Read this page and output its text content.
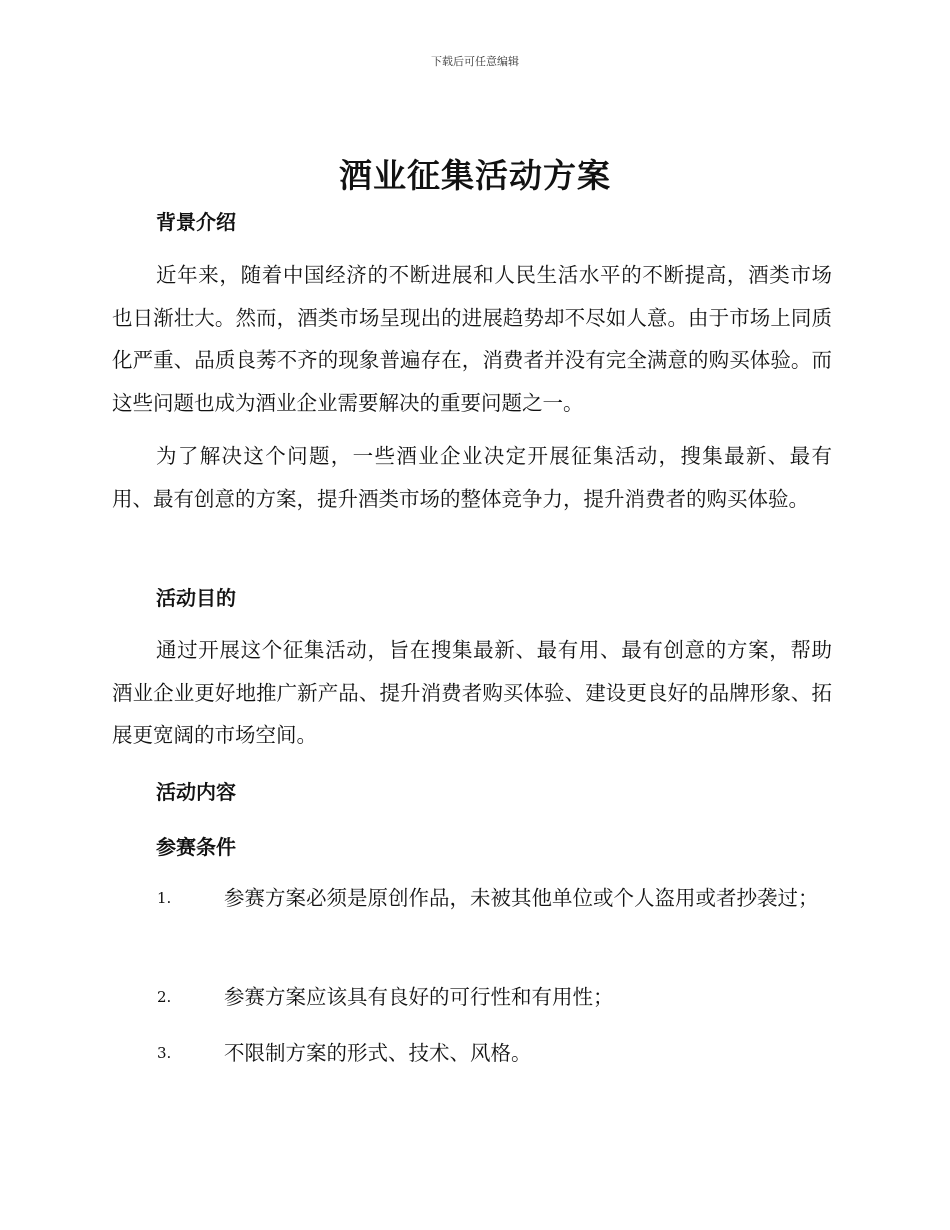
下载后可任意编辑
酒业征集活动方案
背景介绍
近年来，随着中国经济的不断进展和人民生活水平的不断提高，酒类市场也日渐壮大。然而，酒类市场呈现出的进展趋势却不尽如人意。由于市场上同质化严重、品质良莠不齐的现象普遍存在，消费者并没有完全满意的购买体验。而这些问题也成为酒业企业需要解决的重要问题之一。
为了解决这个问题，一些酒业企业决定开展征集活动，搜集最新、最有用、最有创意的方案，提升酒类市场的整体竞争力，提升消费者的购买体验。
活动目的
通过开展这个征集活动，旨在搜集最新、最有用、最有创意的方案，帮助酒业企业更好地推广新产品、提升消费者购买体验、建设更良好的品牌形象、拓展更宽阔的市场空间。
活动内容
参赛条件
1.	参赛方案必须是原创作品，未被其他单位或个人盗用或者抄袭过；
2.	参赛方案应该具有良好的可行性和有用性；
3.	不限制方案的形式、技术、风格。
